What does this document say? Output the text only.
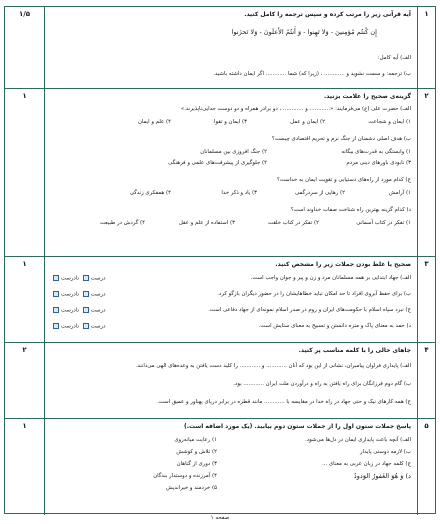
۱
۱/۵	آیه قرآنی زیر را مرتب کرده و سپس ترجمه را کامل کنید.
إِن کُنتُم مُؤمِنینَ - وَلا تَهِنوا - وَ أَنتُمُ الأَعلَونَ - وَلا تَحزَنوا
الف) آیه کامل:
ب) ترجمه: و سست نشوید و ............ ، (زیرا که) شما ............ اگر ایمان داشته باشید.
۲
۱	گزینه‌ی صحیح را علامت بزنید.
الف) حضرت علی (ع) می‌فرمایند: «............ و ............ ، دو برادر همراه و دو دوست جدایی‌ناپذیرند.»
۱) ایمان و شجاعت
۲) ایمان و عمل
۳) ایمان و تقوا
۴) علم و ایمان
ب) هدف اصلی دشمنان از جنگ نرم و تحریم اقتصادی چیست؟
۱) وابستگی به قدرت‌های بیگانه
۲) جنگ افروزی بین مسلمانان
۳) نابودی باورهای دینی مردم
۴) جلوگیری از پیشرفت‌های علمی و فرهنگی
ج) کدام مورد از راه‌های دستیابی و تقویت ایمان به خداست؟
۱) آرامش
۲) رهایی از سردرگمی
۳) یاد و ذکر خدا
۴) همفکری زندگی
د) کدام گزینه بهترین راه شناخت صفات خداوند است؟
۱) تفکر در کتاب آسمانی
۲) تفکر در کتاب خلقت
۳) استفاده از علم و عقل
۴) گردش در طبیعت
۳
۱	صحیح یا غلط بودن جملات زیر را مشخص کنید.
الف) جهاد ابتدایی بر همه مسلمانان مرد و زن و پیر و جوان واجب است.
درست نادرست
ب) برای حفظ آبروی افراد تا حد امکان نباید خطاهایشان را در حضور دیگران بازگو کرد.
درست نادرست
ج) نبرد سپاه اسلام با حکومت‌های ایران و روم در صدر اسلام نمونه‌ای از جهاد دفاعی است.
درست نادرست
د) حمد به معنای پاک و منزه دانستن و تسبیح به معنای ستایش است.
درست نادرست
۴
۲	جاهای خالی را با کلمه مناسب پر کنید.
الف) پایداری فراوان پیامبران، نشانی از این بود که آنان ............ و ............ را کلید دست یافتن به وعده‌های الهی می‌دانند.
ب) گام دوم فرزانگان برای راه یافتن به راه و درآوردن ملت ایران ............ بود.
ج) همه کارهای نیک و حتی جهاد در راه خدا در مقایسه با ............ مانند قطره در برابر دریای پهناور و عمیق است.
۵
۱	پاسخ جملات ستون اول را از جملات ستون دوم بیابید. (یک مورد اضافه است.)
الف) آنچه باعث پایداری ایمان در دل‌ها می‌شود.
ب) لازمه دوستی پایدار
ج) کلمه جهاد در زبان عربی به معنای ...
د) وَ هُوَ الغَفورُ الوَدودُ
۱) رعایت میانه‌روی
۲) تلاش و کوشش
۳) دوری از گناهان
۴) آمرزنده و دوستدار بندگان
۵) خردمند و خیراندیش
صفحه ۱
